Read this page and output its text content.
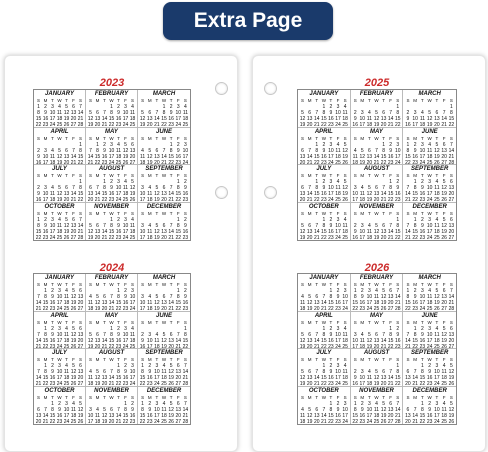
Extra Page
2023
JANUARY
S M T W T F S
1 2 3 4 5 6 7
8 9 10 11 12 13 14
15 16 17 18 19 20 21
22 23 24 25 26 27 28
FEBRUARY
S M T W T F S
1 2 3 4
5 6 7 8 9 10 11
12 13 14 15 16 17 18
19 20 21 22 23 24 25
MARCH
S M T W T F S
1 2 3 4
5 6 7 8 9 10 11
12 13 14 15 16 17 18
19 20 21 22 23 24 25
APRIL
S M T W T F S
1
2 3 4 5 6 7 8
9 10 11 12 13 14 15
16 17 18 19 20 21 22
MAY
S M T W T F S
1 2 3 4 5 6
7 8 9 10 11 12 13
14 15 16 17 18 19 20
21 22 23 24 25 26 27
JUNE
S M T W T F S
1 2 3
4 5 6 7 8 9 10
11 12 13 14 15 16 17
18 19 20 21 22 23 24
JULY
S M T W T F S
1
2 3 4 5 6 7 8
9 10 11 12 13 14 15
16 17 18 19 20 21 22
AUGUST
S M T W T F S
1 2 3 4 5
6 7 8 9 10 11 12
13 14 15 16 17 18 19
20 21 22 23 24 25 26
SEPTEMBER
S M T W T F S
1 2
3 4 5 6 7 8 9
10 11 12 13 14 15 16
17 18 19 20 21 22 23
OCTOBER
S M T W T F S
1 2 3 4 5 6 7
8 9 10 11 12 13 14
15 16 17 18 19 20 21
22 23 24 25 26 27 28
NOVEMBER
S M T W T F S
1 2 3 4
5 6 7 8 9 10 11
12 13 14 15 16 17 18
19 20 21 22 23 24 25
DECEMBER
S M T W T F S
1 2
3 4 5 6 7 8 9
10 11 12 13 14 15 16
17 18 19 20 21 22 23
2024
JANUARY
S M T W T F S
1 2 3 4 5 6
7 8 9 10 11 12 13
14 15 16 17 18 19 20
21 22 23 24 25 26 27
FEBRUARY
S M T W T F S
1 2 3
4 5 6 7 8 9 10
11 12 13 14 15 16 17
18 19 20 21 22 23 24
MARCH
S M T W T F S
1 2
3 4 5 6 7 8 9
10 11 12 13 14 15 16
17 18 19 20 21 22 23
APRIL
S M T W T F S
1 2 3 4 5 6
7 8 9 10 11 12 13
14 15 16 17 18 19 20
21 22 23 24 25 26 27
MAY
S M T W T F S
1 2 3 4
5 6 7 8 9 10 11
12 13 14 15 16 17 18
19 20 21 22 23 24 25
JUNE
S M T W T F S
1
2 3 4 5 6 7 8
9 10 11 12 13 14 15
16 17 18 19 20 21 22
JULY
S M T W T F S
1 2 3 4 5 6
7 8 9 10 11 12 13
14 15 16 17 18 19 20
21 22 23 24 25 26 27
AUGUST
S M T W T F S
1 2 3
4 5 6 7 8 9 10
11 12 13 14 15 16 17
18 19 20 21 22 23 24
SEPTEMBER
S M T W T F S
1 2 3 4 5 6 7
8 9 10 11 12 13 14
15 16 17 18 19 20 21
22 23 24 25 26 27 28
OCTOBER
S M T W T F S
1 2 3 4 5
6 7 8 9 10 11 12
13 14 15 16 17 18 19
20 21 22 23 24 25 26
NOVEMBER
S M T W T F S
1 2
3 4 5 6 7 8 9
10 11 12 13 14 15 16
17 18 19 20 21 22 23
DECEMBER
S M T W T F S
1 2 3 4 5 6 7
8 9 10 11 12 13 14
15 16 17 18 19 20 21
22 23 24 25 26 27 28
2025
JANUARY
S M T W T F S
1 2 3 4
5 6 7 8 9 10 11
12 13 14 15 16 17 18
19 20 21 22 23 24 25
FEBRUARY
S M T W T F S
1
2 3 4 5 6 7 8
9 10 11 12 13 14 15
16 17 18 19 20 21 22
MARCH
S M T W T F S
1
2 3 4 5 6 7 8
9 10 11 12 13 14 15
16 17 18 19 20 21 22
APRIL
S M T W T F S
1 2 3 4 5
6 7 8 9 10 11 12
13 14 15 16 17 18 19
20 21 22 23 24 25 26
MAY
S M T W T F S
1 2 3
4 5 6 7 8 9 10
11 12 13 14 15 16 17
18 19 20 21 22 23 24
JUNE
S M T W T F S
1 2 3 4 5 6 7
8 9 10 11 12 13 14
15 16 17 18 19 20 21
22 23 24 25 26 27 28
JULY
S M T W T F S
1 2 3 4 5
6 7 8 9 10 11 12
13 14 15 16 17 18 19
20 21 22 23 24 25 26
AUGUST
S M T W T F S
1 2
3 4 5 6 7 8 9
10 11 12 13 14 15 16
17 18 19 20 21 22 23
SEPTEMBER
S M T W T F S
1 2 3 4 5 6
7 8 9 10 11 12 13
14 15 16 17 18 19 20
21 22 23 24 25 26 27
OCTOBER
S M T W T F S
1 2 3 4
5 6 7 8 9 10 11
12 13 14 15 16 17 18
19 20 21 22 23 24 25
NOVEMBER
S M T W T F S
1
2 3 4 5 6 7 8
9 10 11 12 13 14 15
16 17 18 19 20 21 22
DECEMBER
S M T W T F S
1 2 3 4 5 6
7 8 9 10 11 12 13
14 15 16 17 18 19 20
21 22 23 24 25 26 27
2026
JANUARY
S M T W T F S
1 2 3
4 5 6 7 8 9 10
11 12 13 14 15 16 17
18 19 20 21 22 23 24
FEBRUARY
S M T W T F S
1 2 3 4 5 6 7
8 9 10 11 12 13 14
15 16 17 18 19 20 21
22 23 24 25 26 27 28
MARCH
S M T W T F S
1 2 3 4 5 6 7
8 9 10 11 12 13 14
15 16 17 18 19 20 21
22 23 24 25 26 27 28
APRIL
S M T W T F S
1 2 3 4
5 6 7 8 9 10 11
12 13 14 15 16 17 18
19 20 21 22 23 24 25
MAY
S M T W T F S
1 2
3 4 5 6 7 8 9
10 11 12 13 14 15 16
17 18 19 20 21 22 23
JUNE
S M T W T F S
1 2 3 4 5 6
7 8 9 10 11 12 13
14 15 16 17 18 19 20
21 22 23 24 25 26 27
JULY
S M T W T F S
1 2 3 4
5 6 7 8 9 10 11
12 13 14 15 16 17 18
19 20 21 22 23 24 25
AUGUST
S M T W T F S
1
2 3 4 5 6 7 8
9 10 11 12 13 14 15
16 17 18 19 20 21 22
SEPTEMBER
S M T W T F S
1 2 3 4 5
6 7 8 9 10 11 12
13 14 15 16 17 18 19
20 21 22 23 24 25 26
OCTOBER
S M T W T F S
1 2 3
4 5 6 7 8 9 10
11 12 13 14 15 16 17
18 19 20 21 22 23 24
NOVEMBER
S M T W T F S
1 2 3 4 5 6 7
8 9 10 11 12 13 14
15 16 17 18 19 20 21
22 23 24 25 26 27 28
DECEMBER
S M T W T F S
1 2 3 4 5
6 7 8 9 10 11 12
13 14 15 16 17 18 19
20 21 22 23 24 25 26
